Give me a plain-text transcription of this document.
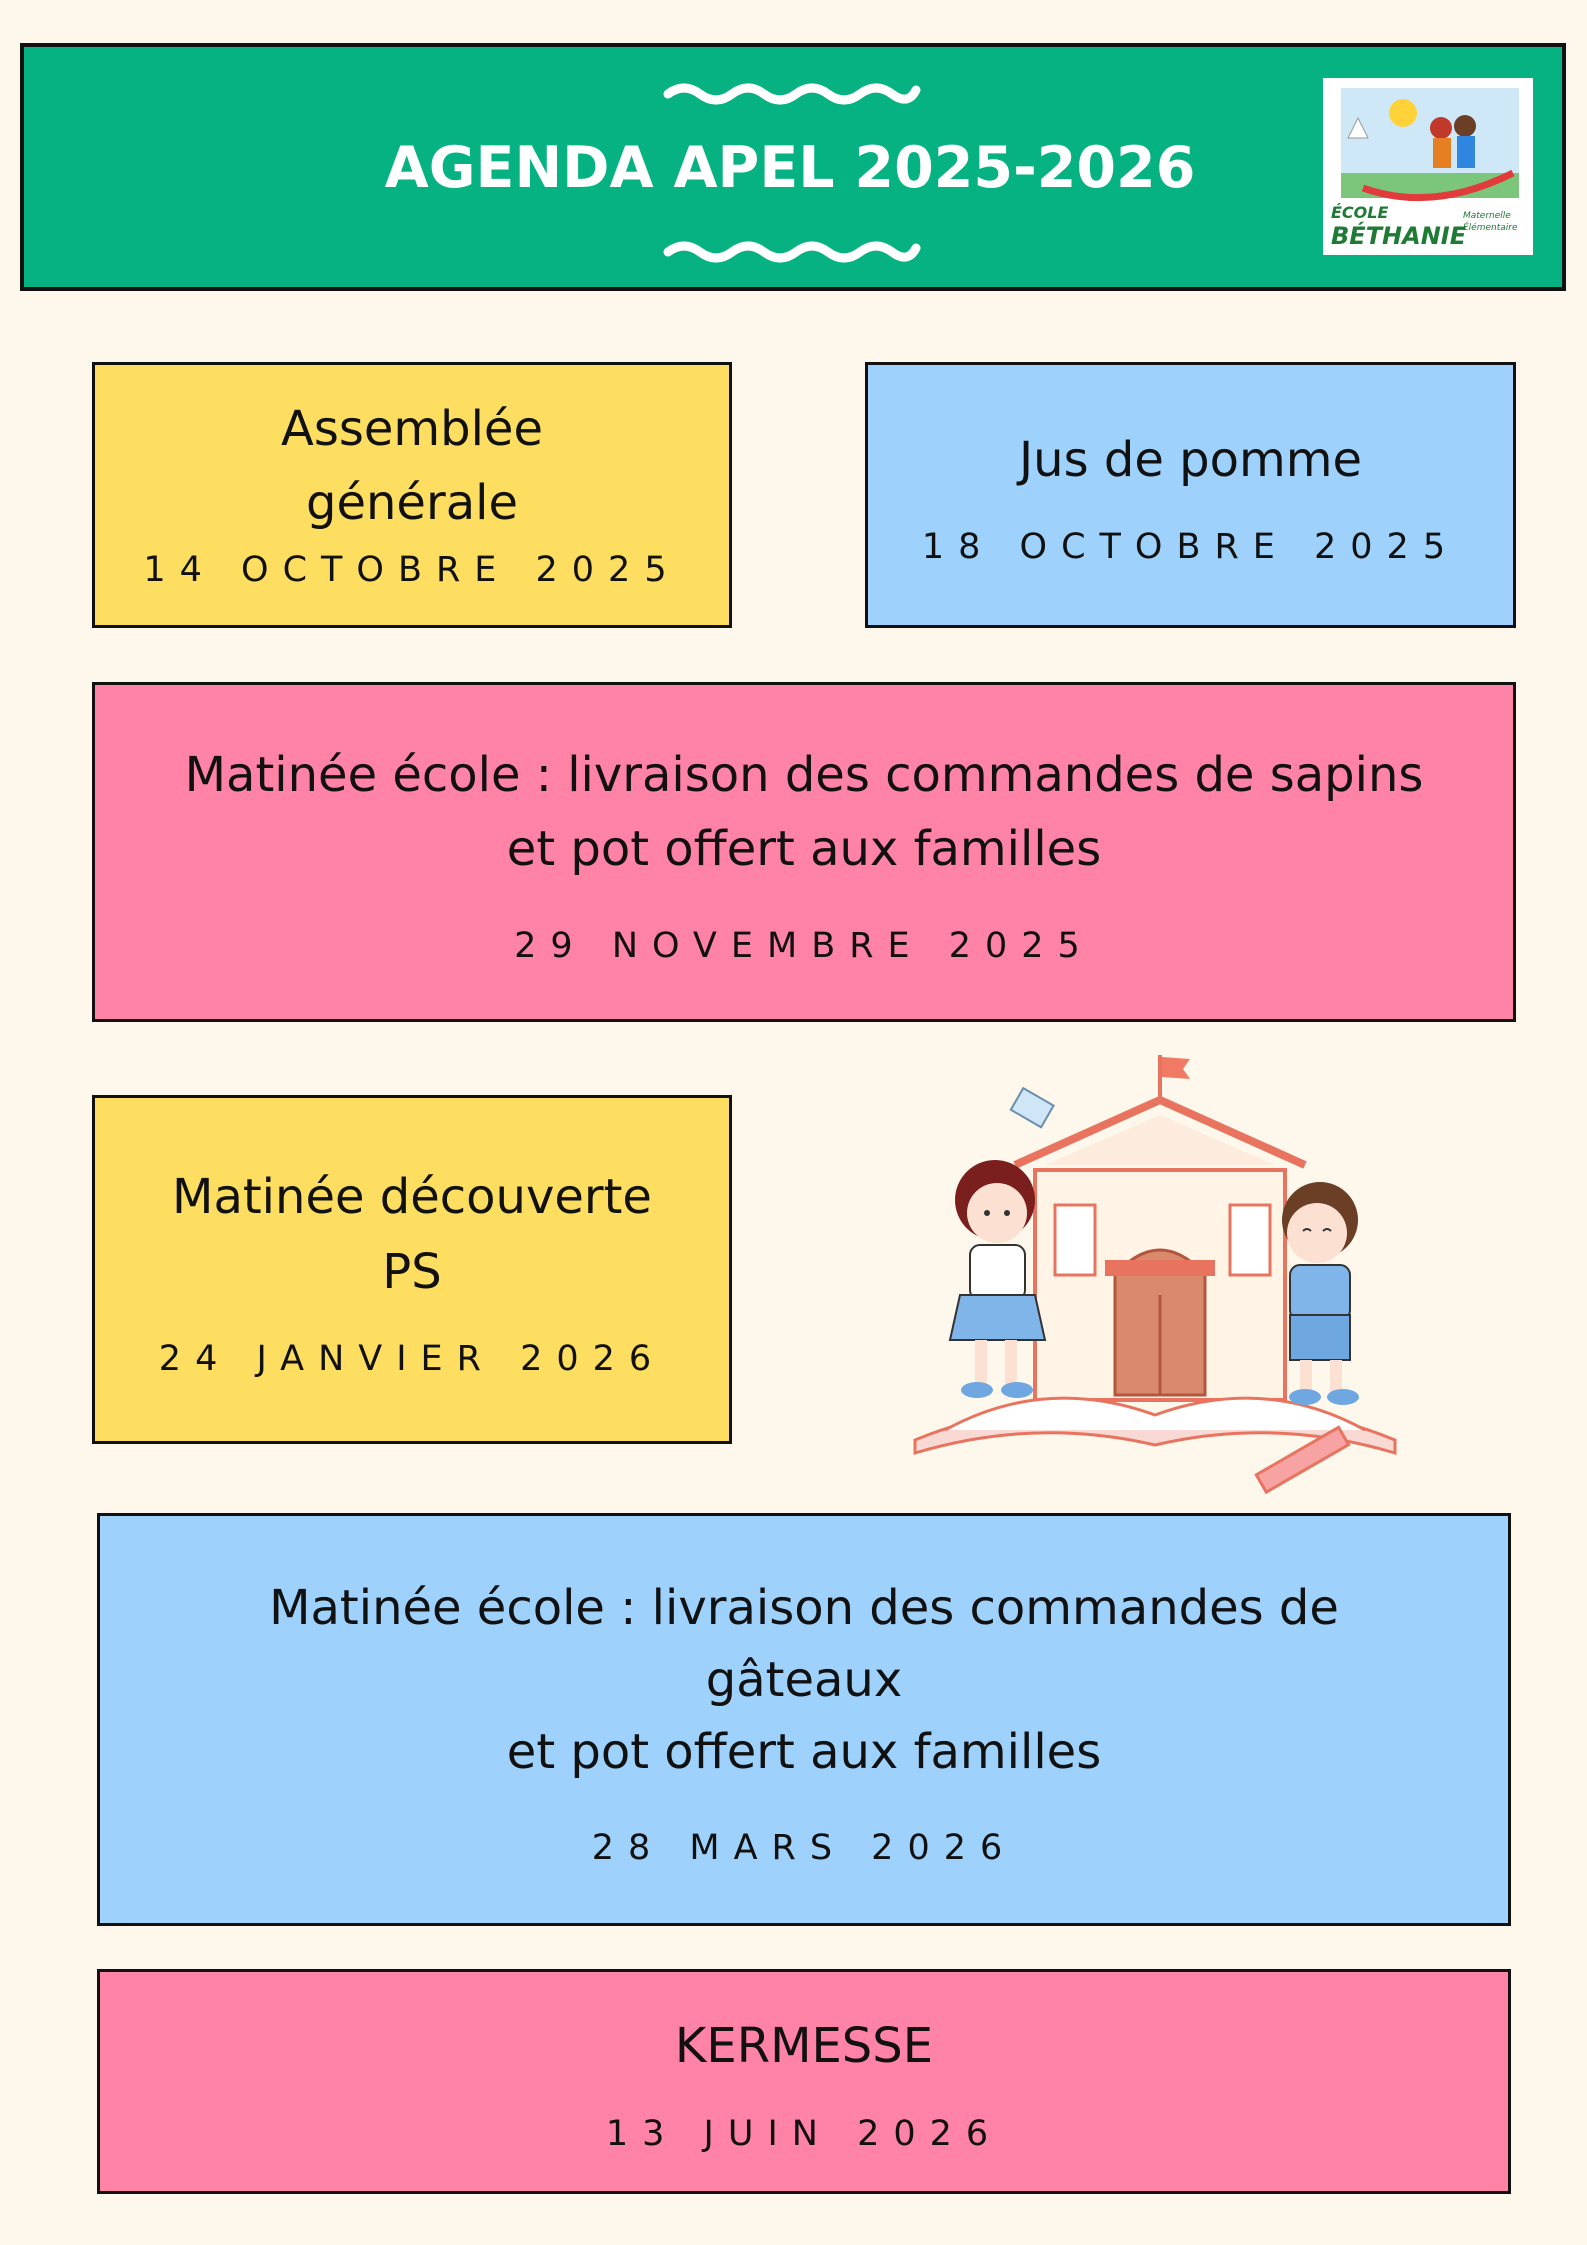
AGENDA APEL 2025-2026
ÉCOLE
BÉTHANIE
Maternelle
Élémentaire
Assemblée
générale
14 OCTOBRE 2025
Jus de pomme
18 OCTOBRE 2025
Matinée école : livraison des commandes de sapins
et pot offert aux familles
29 NOVEMBRE 2025
Matinée découverte
PS
24 JANVIER 2026
Matinée école : livraison des commandes de
gâteaux
et pot offert aux familles
28 MARS 2026
KERMESSE
13 JUIN 2026
